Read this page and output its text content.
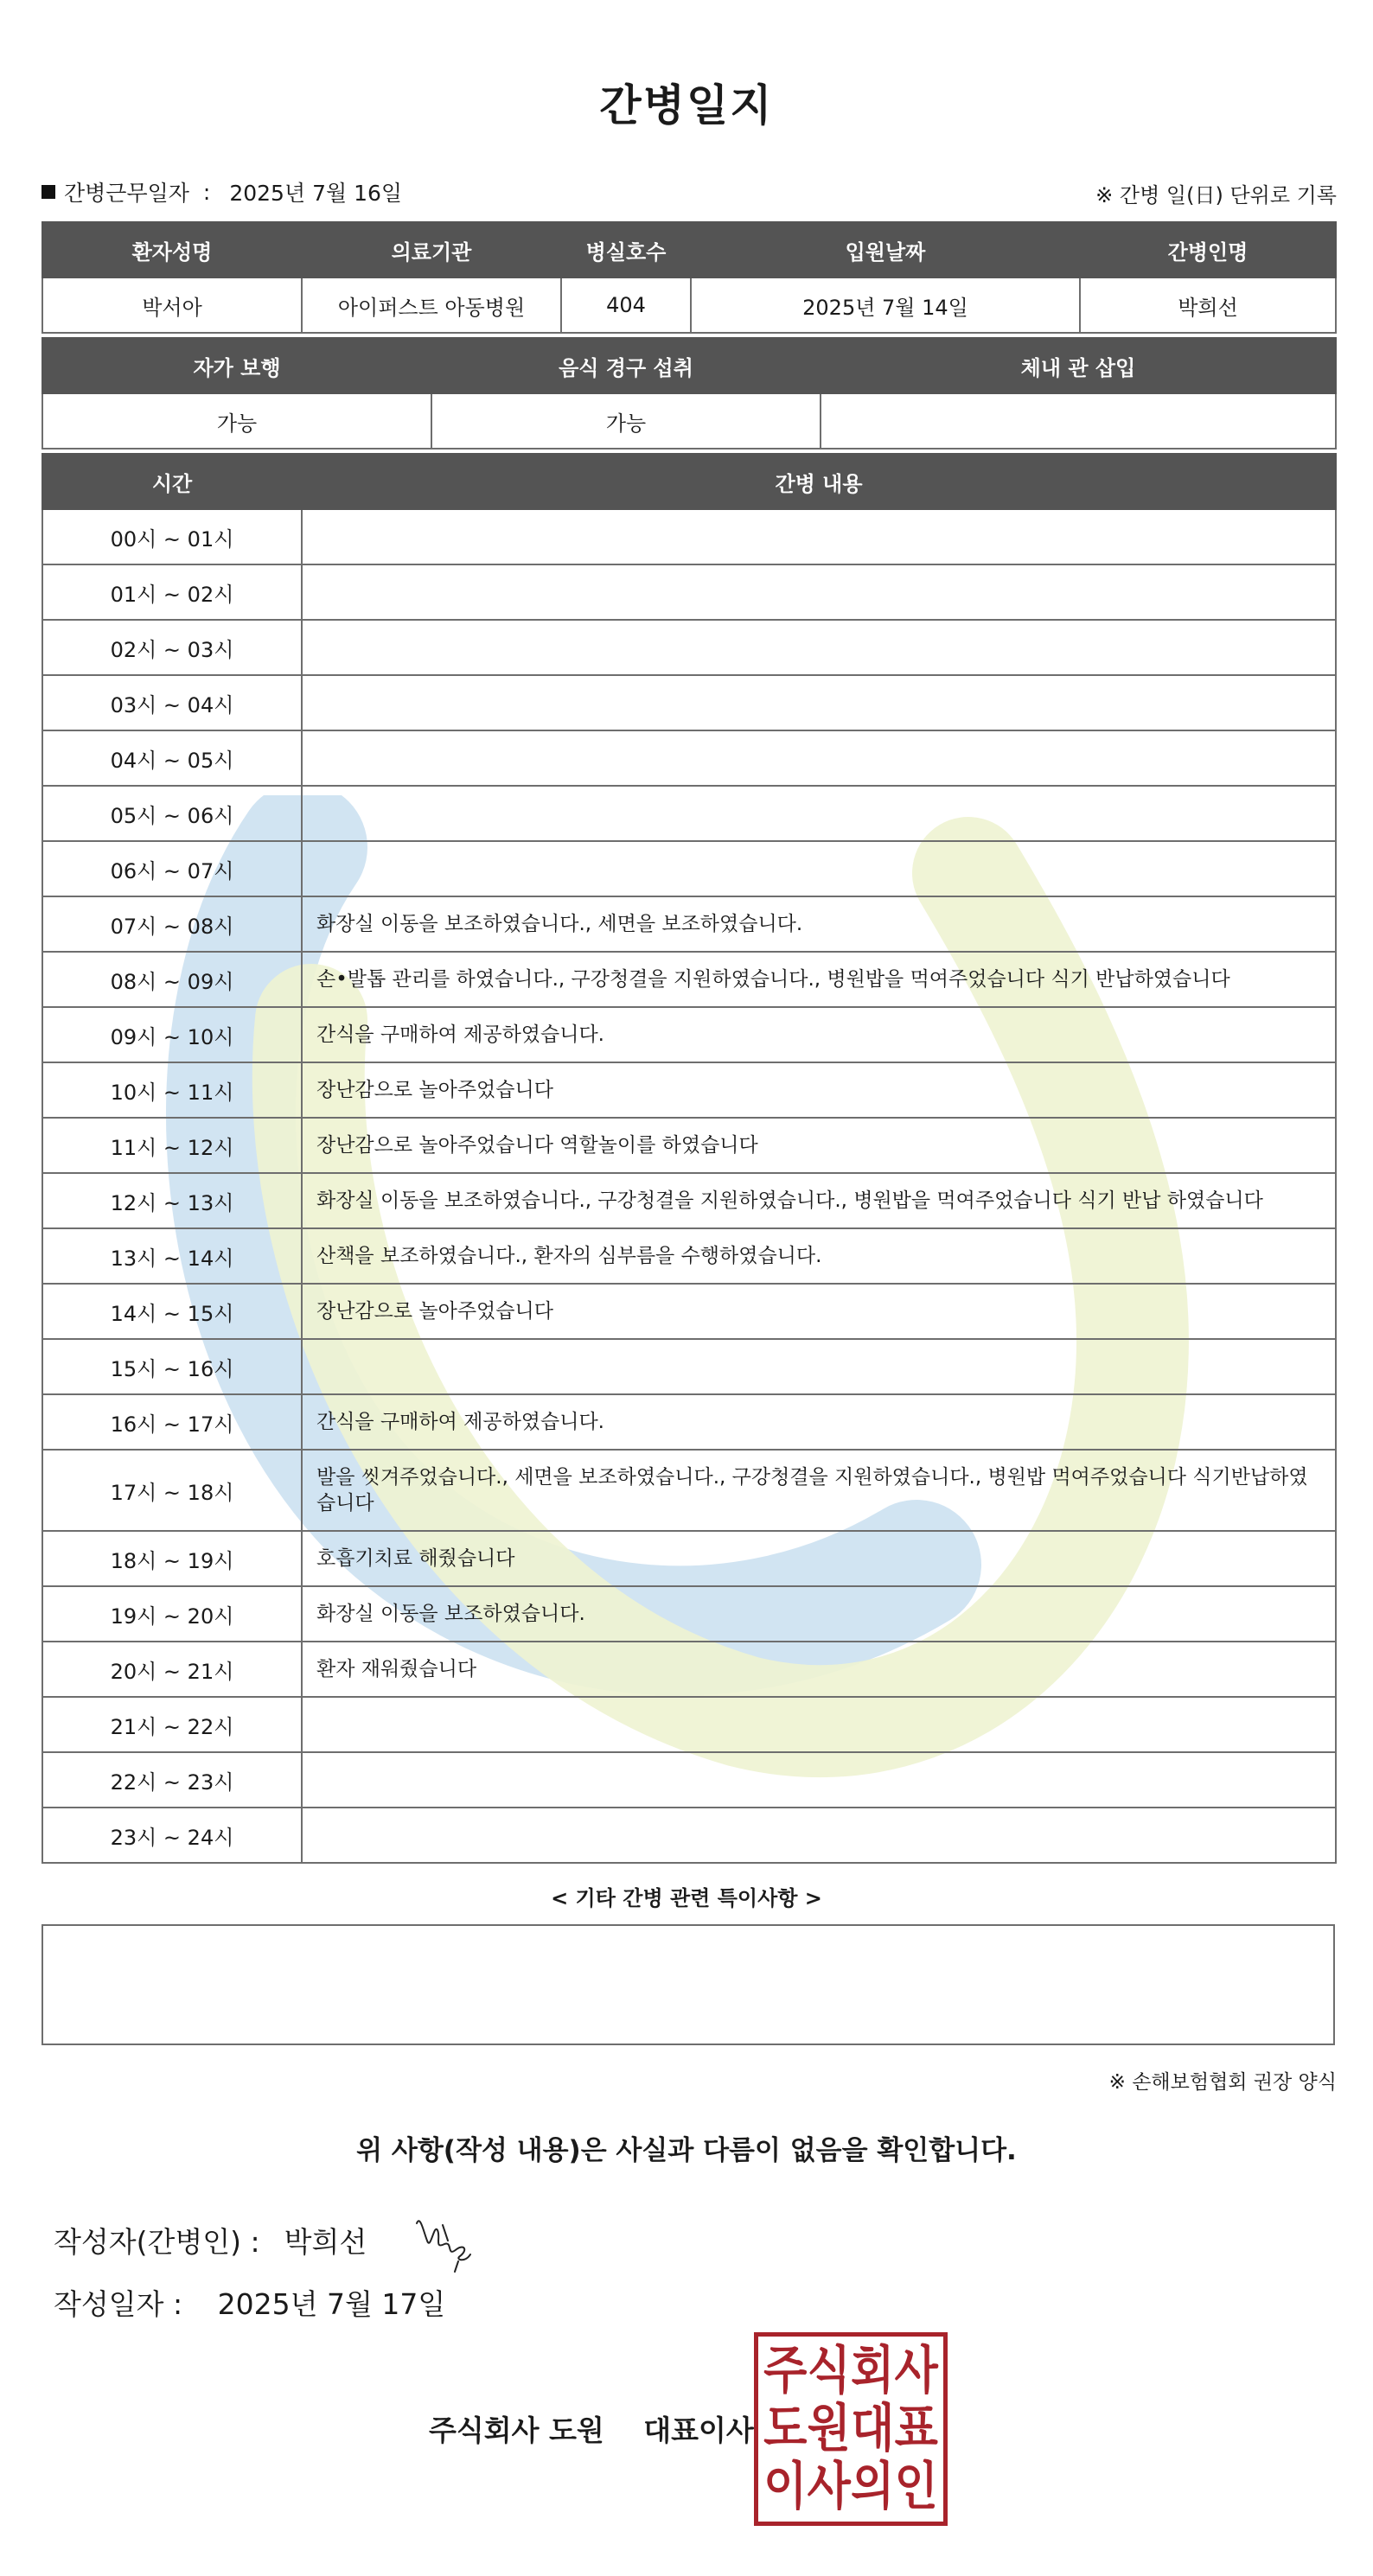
간병일지
간병근무일자 : 2025년 7월 16일	※ 간병 일(日) 단위로 기록
환자성명	의료기관	병실호수	입원날짜	간병인명
박서아	아이퍼스트 아동병원	404	2025년 7월 14일	박희선
자가 보행	음식 경구 섭취	체내 관 삽입
가능	가능	
시간	간병 내용
00시 ~ 01시	
01시 ~ 02시	
02시 ~ 03시	
03시 ~ 04시	
04시 ~ 05시	
05시 ~ 06시	
06시 ~ 07시	
07시 ~ 08시	화장실 이동을 보조하였습니다., 세면을 보조하였습니다.
08시 ~ 09시	손•발톱 관리를 하였습니다., 구강청결을 지원하였습니다., 병원밥을 먹여주었습니다 식기 반납하였습니다
09시 ~ 10시	간식을 구매하여 제공하였습니다.
10시 ~ 11시	장난감으로 놀아주었습니다
11시 ~ 12시	장난감으로 놀아주었습니다 역할놀이를 하였습니다
12시 ~ 13시	화장실 이동을 보조하였습니다., 구강청결을 지원하였습니다., 병원밥을 먹여주었습니다 식기 반납 하였습니다
13시 ~ 14시	산책을 보조하였습니다., 환자의 심부름을 수행하였습니다.
14시 ~ 15시	장난감으로 놀아주었습니다
15시 ~ 16시	
16시 ~ 17시	간식을 구매하여 제공하였습니다.
17시 ~ 18시	발을 씻겨주었습니다., 세면을 보조하였습니다., 구강청결을 지원하였습니다., 병원밥 먹여주었습니다 식기반납하였습니다
18시 ~ 19시	호흡기치료 해줬습니다
19시 ~ 20시	화장실 이동을 보조하였습니다.
20시 ~ 21시	환자 재워줬습니다
21시 ~ 22시	
22시 ~ 23시	
23시 ~ 24시	
< 기타 간병 관련 특이사항 >
※ 손해보험협회 권장 양식
위 사항(작성 내용)은 사실과 다름이 없음을 확인합니다.
작성자(간병인) : 박희선
작성일자 : 2025년 7월 17일
주식회사 도원 대표이사
주 식 회 사
도 원 대 표
이 사 의 인
